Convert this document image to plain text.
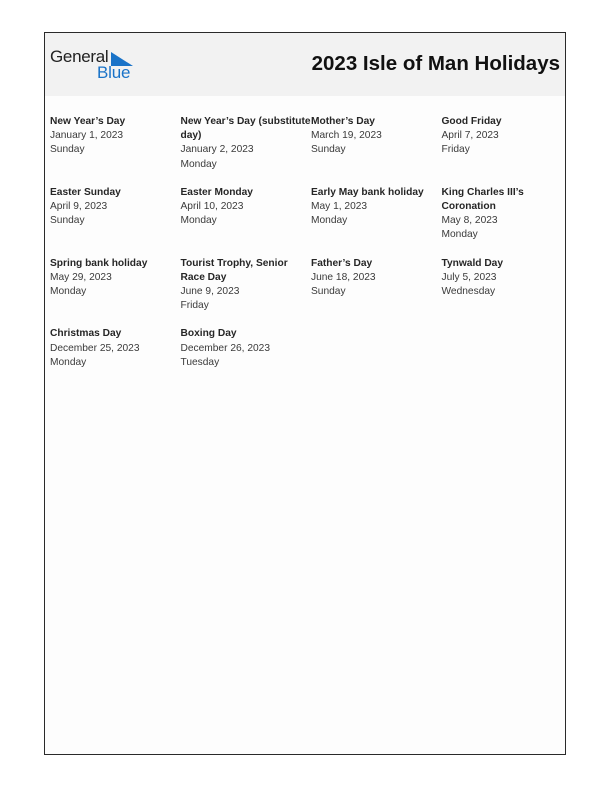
General
Blue	2023 Isle of Man Holidays
New Year’s Day
January 1, 2023
Sunday
New Year’s Day (substitute day)
January 2, 2023
Monday
Mother’s Day
March 19, 2023
Sunday
Good Friday
April 7, 2023
Friday
Easter Sunday
April 9, 2023
Sunday
Easter Monday
April 10, 2023
Monday
Early May bank holiday
May 1, 2023
Monday
King Charles III’s Coronation
May 8, 2023
Monday
Spring bank holiday
May 29, 2023
Monday
Tourist Trophy, Senior Race Day
June 9, 2023
Friday
Father’s Day
June 18, 2023
Sunday
Tynwald Day
July 5, 2023
Wednesday
Christmas Day
December 25, 2023
Monday
Boxing Day
December 26, 2023
Tuesday
